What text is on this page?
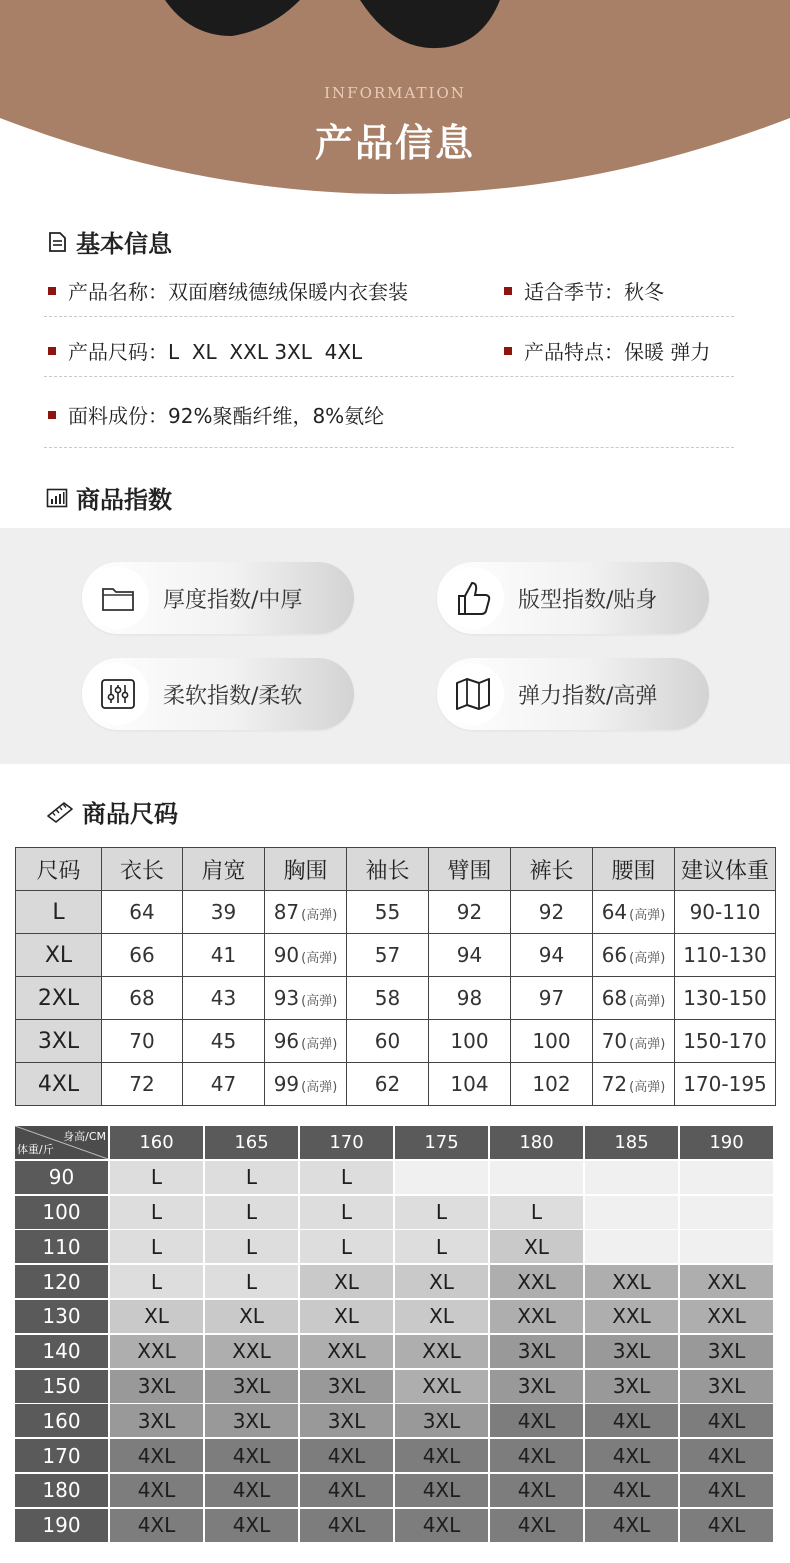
INFORMATION
产品信息
基本信息
产品名称：双面磨绒德绒保暖内衣套装	适合季节：秋冬
产品尺码：L  XL  XXL 3XL  4XL	产品特点：保暖 弹力
面料成份：92%聚酯纤维，8%氨纶
商品指数
厚度指数/中厚	版型指数/贴身
柔软指数/柔软	弹力指数/高弹
商品尺码
尺码	衣长	肩宽	胸围	袖长	臂围	裤长	腰围	建议体重
L	64	39	87 (高弹)	55	92	92	64 (高弹)	90-110
XL	66	41	90 (高弹)	57	94	94	66 (高弹)	110-130
2XL	68	43	93 (高弹)	58	98	97	68 (高弹)	130-150
3XL	70	45	96 (高弹)	60	100	100	70 (高弹)	150-170
4XL	72	47	99 (高弹)	62	104	102	72 (高弹)	170-195
身高/CM
体重/斤	160	165	170	175	180	185	190
90	L	L	L
100	L	L	L	L	L
110	L	L	L	L	XL
120	L	L	XL	XL	XXL	XXL	XXL
130	XL	XL	XL	XL	XXL	XXL	XXL
140	XXL	XXL	XXL	XXL	3XL	3XL	3XL
150	3XL	3XL	3XL	XXL	3XL	3XL	3XL
160	3XL	3XL	3XL	3XL	4XL	4XL	4XL
170	4XL	4XL	4XL	4XL	4XL	4XL	4XL
180	4XL	4XL	4XL	4XL	4XL	4XL	4XL
190	4XL	4XL	4XL	4XL	4XL	4XL	4XL
